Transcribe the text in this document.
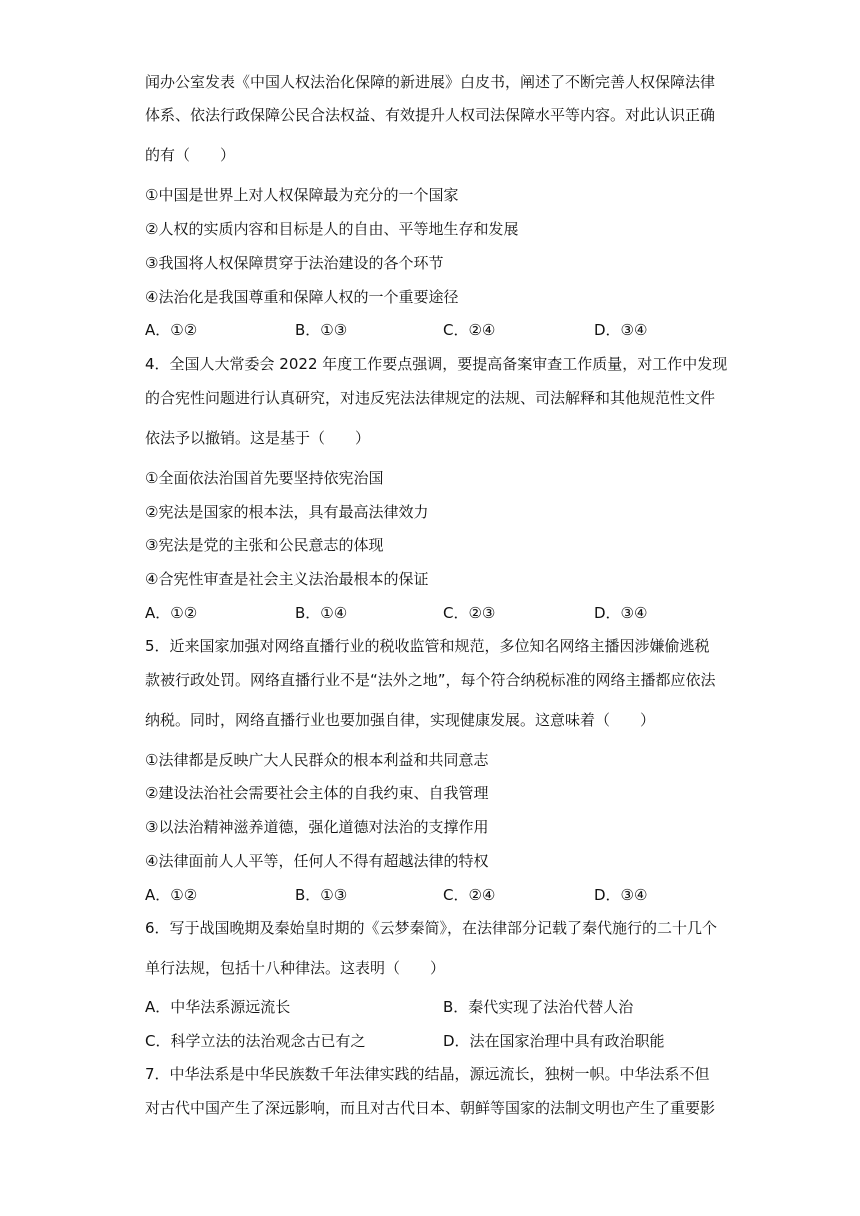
闻办公室发表《中国人权法治化保障的新进展》白皮书，阐述了不断完善人权保障法律
体系、依法行政保障公民合法权益、有效提升人权司法保障水平等内容。对此认识正确
的有（　　）
①中国是世界上对人权保障最为充分的一个国家
②人权的实质内容和目标是人的自由、平等地生存和发展
③我国将人权保障贯穿于法治建设的各个环节
④法治化是我国尊重和保障人权的一个重要途径
A．①②	B．①③	C．②④	D．③④
4．全国人大常委会 2022 年度工作要点强调，要提高备案审查工作质量，对工作中发现
的合宪性问题进行认真研究，对违反宪法法律规定的法规、司法解释和其他规范性文件
依法予以撤销。这是基于（　　）
①全面依法治国首先要坚持依宪治国
②宪法是国家的根本法，具有最高法律效力
③宪法是党的主张和公民意志的体现
④合宪性审查是社会主义法治最根本的保证
A．①②	B．①④	C．②③	D．③④
5．近来国家加强对网络直播行业的税收监管和规范，多位知名网络主播因涉嫌偷逃税
款被行政处罚。网络直播行业不是“法外之地”，每个符合纳税标准的网络主播都应依法
纳税。同时，网络直播行业也要加强自律，实现健康发展。这意味着（　　）
①法律都是反映广大人民群众的根本利益和共同意志
②建设法治社会需要社会主体的自我约束、自我管理
③以法治精神滋养道德，强化道德对法治的支撑作用
④法律面前人人平等，任何人不得有超越法律的特权
A．①②	B．①③	C．②④	D．③④
6．写于战国晚期及秦始皇时期的《云梦秦简》，在法律部分记载了秦代施行的二十几个
单行法规，包括十八种律法。这表明（　　）
A．中华法系源远流长	B．秦代实现了法治代替人治
C．科学立法的法治观念古已有之	D．法在国家治理中具有政治职能
7．中华法系是中华民族数千年法律实践的结晶，源远流长，独树一帜。中华法系不但
对古代中国产生了深远影响，而且对古代日本、朝鲜等国家的法制文明也产生了重要影
